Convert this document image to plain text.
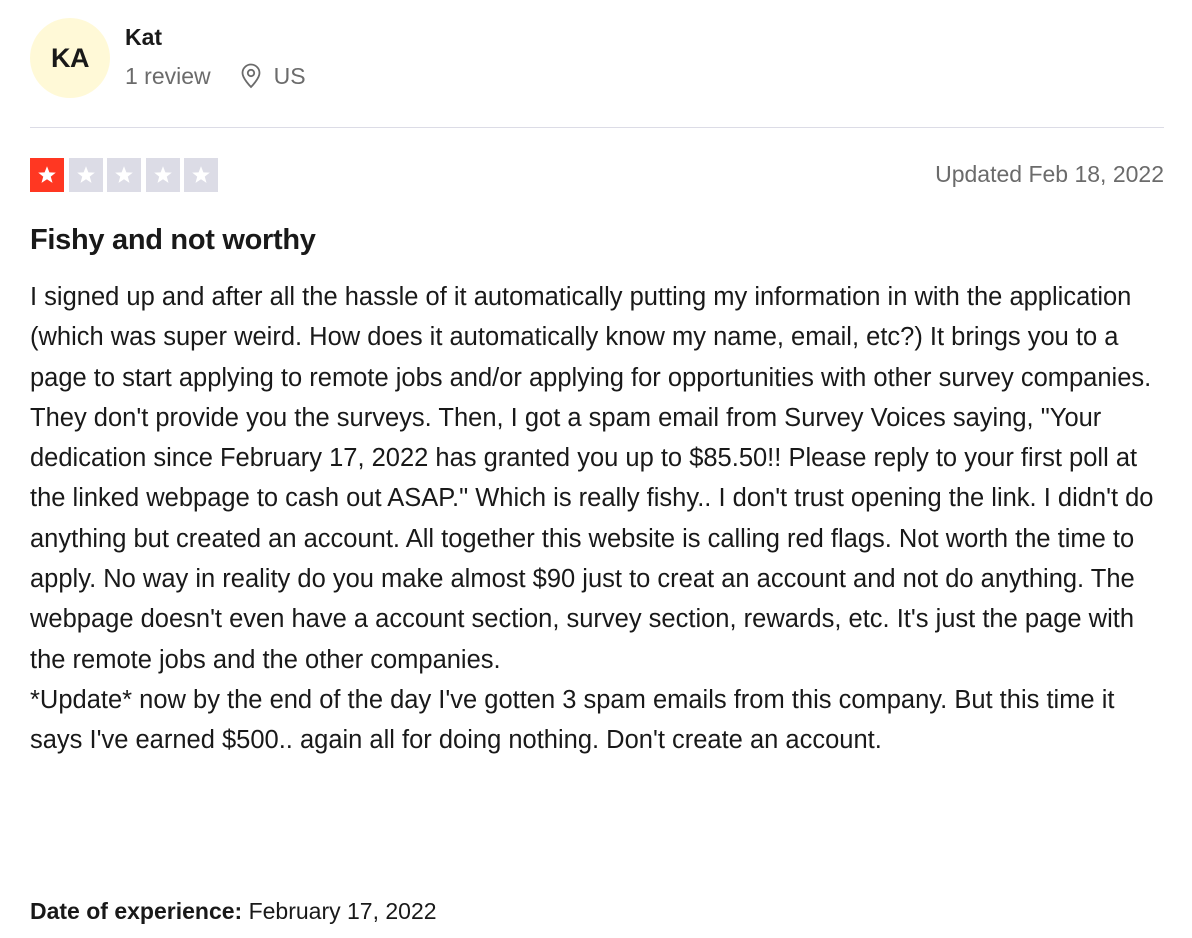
KA
Kat
1 review	US
Updated Feb 18, 2022
Fishy and not worthy

I signed up and after all the hassle of it automatically putting my information in with the application (which was super weird. How does it automatically know my name, email, etc?) It brings you to a page to start applying to remote jobs and/or applying for opportunities with other survey companies. They don't provide you the surveys. Then, I got a spam email from Survey Voices saying, "Your dedication since February 17, 2022 has granted you up to $85.50!! Please reply to your first poll at the linked webpage to cash out ASAP." Which is really fishy.. I don't trust opening the link. I didn't do anything but created an account. All together this website is calling red flags. Not worth the time to apply. No way in reality do you make almost $90 just to creat an account and not do anything. The webpage doesn't even have a account section, survey section, rewards, etc. It's just the page with the remote jobs and the other companies.

*Update* now by the end of the day I've gotten 3 spam emails from this company. But this time it says I've earned $500.. again all for doing nothing. Don't create an account.

Date of experience: February 17, 2022
